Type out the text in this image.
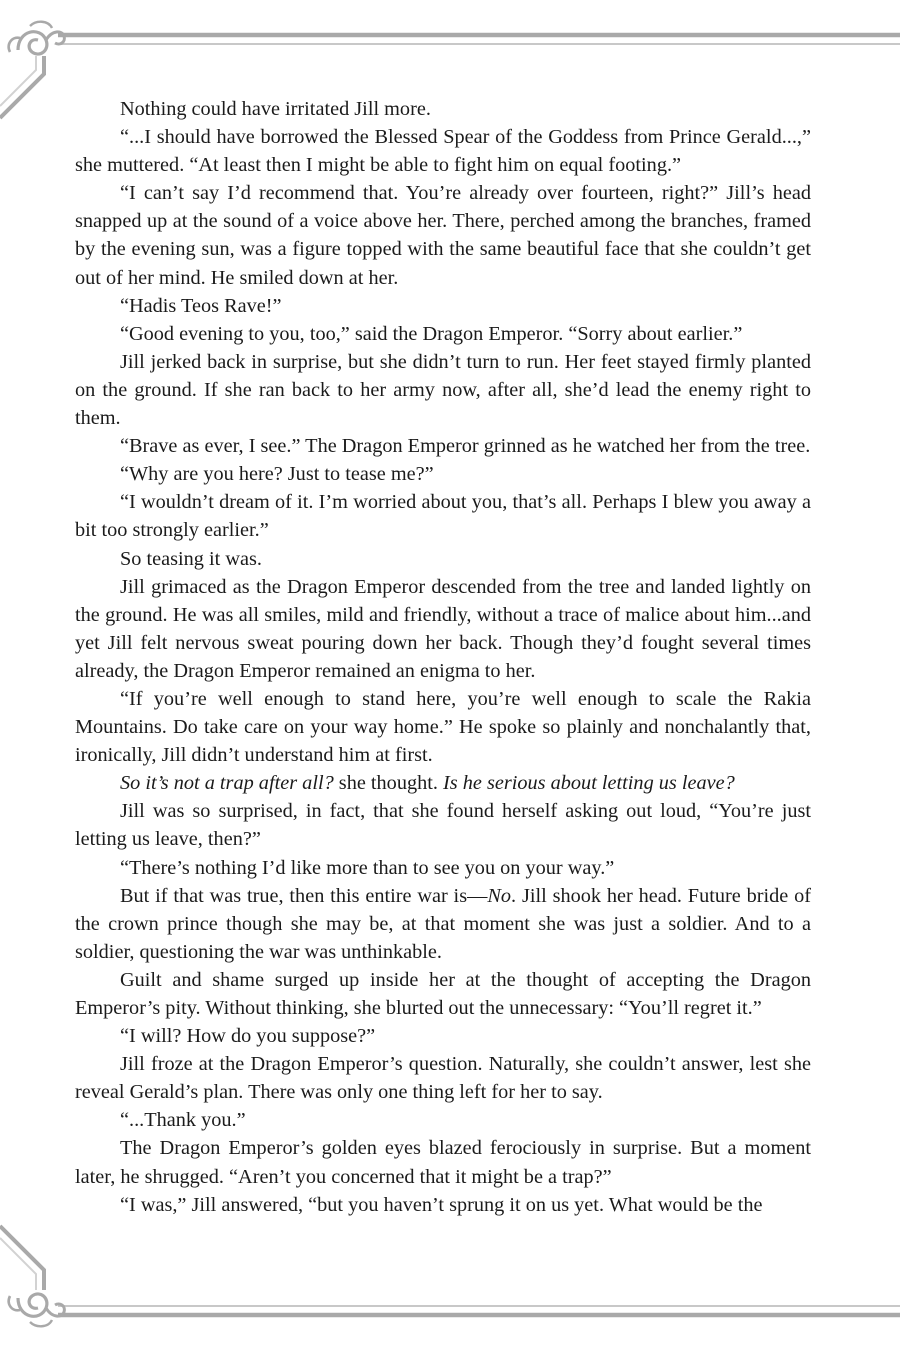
Nothing could have irritated Jill more.

“...I should have borrowed the Blessed Spear of the Goddess from Prince Gerald...,” she muttered. “At least then I might be able to fight him on equal footing.”

“I can’t say I’d recommend that. You’re already over fourteen, right?” Jill’s head snapped up at the sound of a voice above her. There, perched among the branches, framed by the evening sun, was a figure topped with the same beautiful face that she couldn’t get out of her mind. He smiled down at her.

“Hadis Teos Rave!”

“Good evening to you, too,” said the Dragon Emperor. “Sorry about earlier.”

Jill jerked back in surprise, but she didn’t turn to run. Her feet stayed firmly planted on the ground. If she ran back to her army now, after all, she’d lead the enemy right to them.

“Brave as ever, I see.” The Dragon Emperor grinned as he watched her from the tree.

“Why are you here? Just to tease me?”

“I wouldn’t dream of it. I’m worried about you, that’s all. Perhaps I blew you away a bit too strongly earlier.”

So teasing it was.

Jill grimaced as the Dragon Emperor descended from the tree and landed lightly on the ground. He was all smiles, mild and friendly, without a trace of malice about him...and yet Jill felt nervous sweat pouring down her back. Though they’d fought several times already, the Dragon Emperor remained an enigma to her.

“If you’re well enough to stand here, you’re well enough to scale the Rakia Mountains. Do take care on your way home.” He spoke so plainly and nonchalantly that, ironically, Jill didn’t understand him at first.

So it’s not a trap after all? she thought. Is he serious about letting us leave?

Jill was so surprised, in fact, that she found herself asking out loud, “You’re just letting us leave, then?”

“There’s nothing I’d like more than to see you on your way.”

But if that was true, then this entire war is—No. Jill shook her head. Future bride of the crown prince though she may be, at that moment she was just a soldier. And to a soldier, questioning the war was unthinkable.

Guilt and shame surged up inside her at the thought of accepting the Dragon Emperor’s pity. Without thinking, she blurted out the unnecessary: “You’ll regret it.”

“I will? How do you suppose?”

Jill froze at the Dragon Emperor’s question. Naturally, she couldn’t answer, lest she reveal Gerald’s plan. There was only one thing left for her to say.

“...Thank you.”

The Dragon Emperor’s golden eyes blazed ferociously in surprise. But a moment later, he shrugged. “Aren’t you concerned that it might be a trap?”

“I was,” Jill answered, “but you haven’t sprung it on us yet. What would be the
